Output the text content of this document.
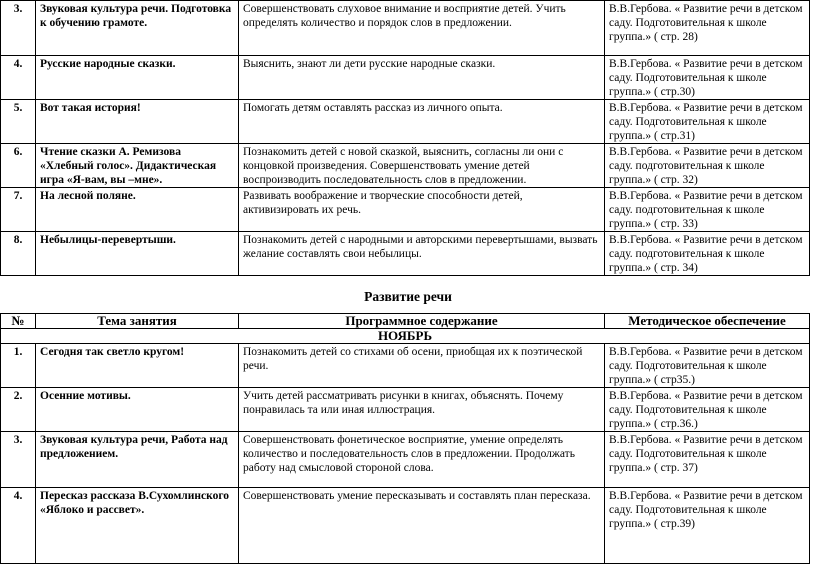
3.	Звуковая культура речи. Подготовка к обучению грамоте.	Совершенствовать слуховое внимание и восприятие детей. Учить определять количество и порядок слов в предложении.	В.В.Гербова. « Развитие речи в детском саду. Подготовительная к школе группа.» ( стр. 28)
4.	Русские народные сказки.	Выяснить, знают ли дети русские народные сказки.	В.В.Гербова. « Развитие речи в детском саду. Подготовительная к школе группа.» ( стр.30)
5.	Вот такая история!	Помогать детям оставлять рассказ из личного опыта.	В.В.Гербова. « Развитие речи в детском саду. Подготовительная к школе группа.» ( стр.31)
6.	Чтение сказки А. Ремизова «Хлебный голос». Дидактическая игра «Я-вам, вы –мне».	Познакомить детей с новой сказкой, выяснить, согласны ли они с концовкой произведения. Совершенствовать умение детей воспроизводить последовательность слов в предложении.	В.В.Гербова. « Развитие речи в детском саду. подготовительная к школе группа.» ( стр. 32)
7.	На лесной поляне.	Развивать воображение и творческие способности детей, активизировать их речь.	В.В.Гербова. « Развитие речи в детском саду. подготовительная к школе группа.» ( стр. 33)
8.	Небылицы-перевертыши.	Познакомить детей с народными и авторскими перевертышами, вызвать желание составлять свои небылицы.	В.В.Гербова. « Развитие речи в детском саду. подготовительная к школе группа.» ( стр. 34)
Развитие речи
№	Тема занятия	Программное содержание	Методическое обеспечение
НОЯБРЬ			
1.	Сегодня так светло кругом!	Познакомить детей со стихами об осени, приобщая их к поэтической речи.	В.В.Гербова. « Развитие речи в детском саду. Подготовительная к школе группа.» ( стр35.)
2.	Осенние мотивы.	Учить детей рассматривать рисунки в книгах, объяснять. Почему понравилась та или иная иллюстрация.	В.В.Гербова. « Развитие речи в детском саду. Подготовительная к школе группа.» ( стр.36.)
3.	Звуковая культура речи, Работа над предложением.	Совершенствовать фонетическое восприятие, умение определять количество и последовательность слов в предложении. Продолжать работу над смысловой стороной слова.	В.В.Гербова. « Развитие речи в детском саду. Подготовительная к школе группа.» ( стр. 37)
4.	Пересказ рассказа В.Сухомлинского «Яблоко и рассвет».	Совершенствовать умение пересказывать и составлять план пересказа.	В.В.Гербова. « Развитие речи в детском саду. Подготовительная к школе группа.» ( стр.39)
